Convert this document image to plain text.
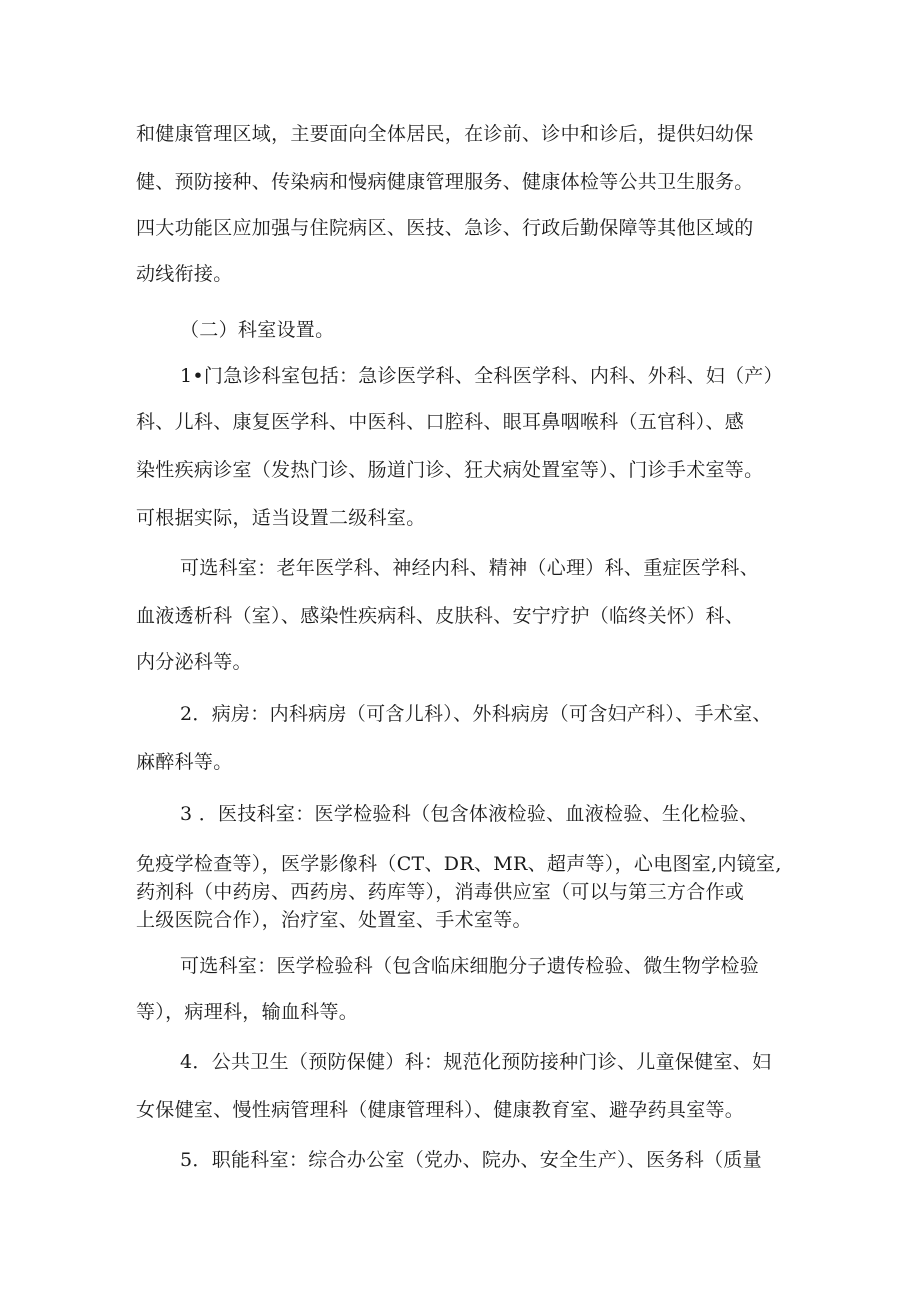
和健康管理区域，主要面向全体居民，在诊前、诊中和诊后，提供妇幼保
健、预防接种、传染病和慢病健康管理服务、健康体检等公共卫生服务。
四大功能区应加强与住院病区、医技、急诊、行政后勤保障等其他区域的
动线衔接。
（二）科室设置。
1•门急诊科室包括：急诊医学科、全科医学科、内科、外科、妇（产）
科、儿科、康复医学科、中医科、口腔科、眼耳鼻咽喉科（五官科）、感
染性疾病诊室（发热门诊、肠道门诊、狂犬病处置室等）、门诊手术室等。
可根据实际，适当设置二级科室。
可选科室：老年医学科、神经内科、精神（心理）科、重症医学科、
血液透析科（室）、感染性疾病科、皮肤科、安宁疗护（临终关怀）科、
内分泌科等。
2．病房：内科病房（可含儿科）、外科病房（可含妇产科）、手术室、
麻醉科等。
3 ．医技科室：医学检验科（包含体液检验、血液检验、生化检验、
免疫学检查等），医学影像科（CT、DR、MR、超声等），心电图室,内镜室,
药剂科（中药房、西药房、药库等），消毒供应室（可以与第三方合作或
上级医院合作），治疗室、处置室、手术室等。
可选科室：医学检验科（包含临床细胞分子遗传检验、微生物学检验
等），病理科，输血科等。
4．公共卫生（预防保健）科：规范化预防接种门诊、儿童保健室、妇
女保健室、慢性病管理科（健康管理科）、健康教育室、避孕药具室等。
5．职能科室：综合办公室（党办、院办、安全生产）、医务科（质量
